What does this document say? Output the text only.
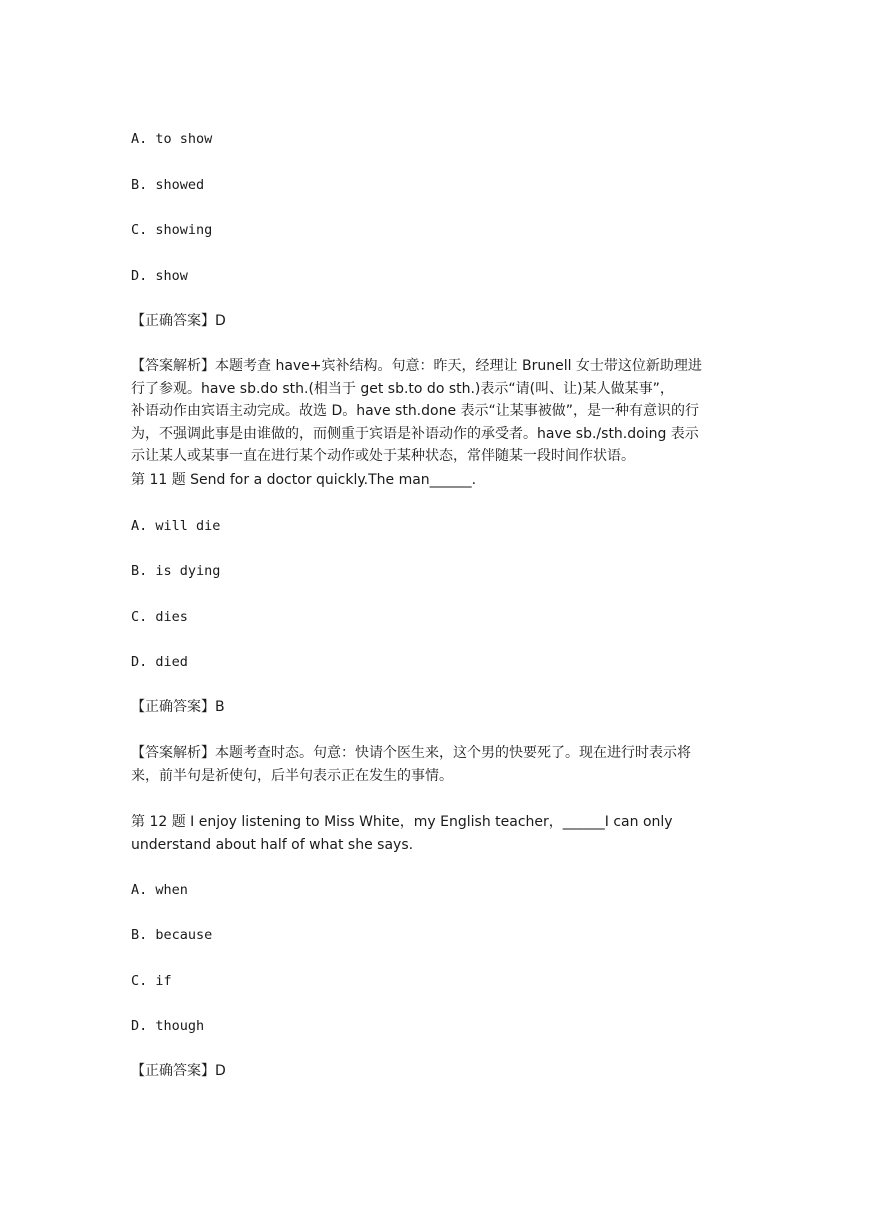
A. to show
B. showed
C. showing
D. show
【正确答案】D
【答案解析】本题考查 have+宾补结构。句意：昨天，经理让 Brunell 女士带这位新助理进
行了参观。have sb.do sth.(相当于 get sb.to do sth.)表示“请(叫、让)某人做某事”，
补语动作由宾语主动完成。故选 D。have sth.done 表示“让某事被做”，是一种有意识的行
为，不强调此事是由谁做的，而侧重于宾语是补语动作的承受者。have sb./sth.doing 表示
示让某人或某事一直在进行某个动作或处于某种状态，常伴随某一段时间作状语。
第 11 题 Send for a doctor quickly.The man______.
A. will die
B. is dying
C. dies
D. died
【正确答案】B
【答案解析】本题考查时态。句意：快请个医生来，这个男的快要死了。现在进行时表示将
来，前半句是祈使句，后半句表示正在发生的事情。
第 12 题 I enjoy listening to Miss White，my English teacher，______I can only
understand about half of what she says.
A. when
B. because
C. if
D. though
【正确答案】D
